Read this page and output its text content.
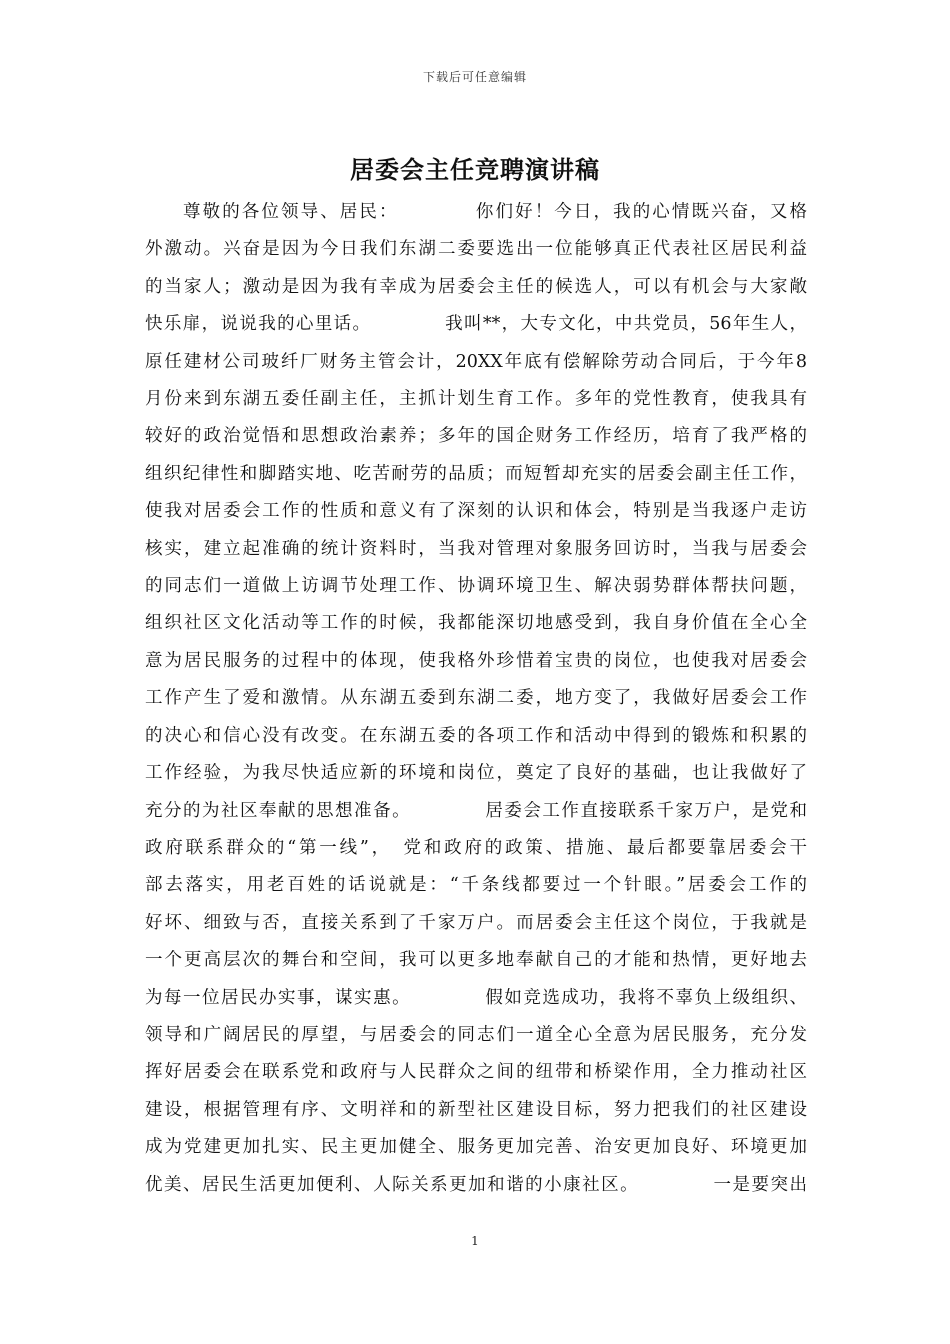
下载后可任意编辑
居委会主任竞聘演讲稿
尊敬的各位领导、居民：　　　　 你们好！今日，我的心情既兴奋，又格
外激动。兴奋是因为今日我们东湖二委要选出一位能够真正代表社区居民利益
的当家人；激动是因为我有幸成为居委会主任的候选人，可以有机会与大家敞
快乐扉，说说我的心里话。　　　　 我叫**，大专文化，中共党员，56年生人，
原任建材公司玻纤厂财务主管会计，20XX年底有偿解除劳动合同后，于今年8
月份来到东湖五委任副主任，主抓计划生育工作。多年的党性教育，使我具有
较好的政治觉悟和思想政治素养；多年的国企财务工作经历，培育了我严格的
组织纪律性和脚踏实地、吃苦耐劳的品质；而短暂却充实的居委会副主任工作，
使我对居委会工作的性质和意义有了深刻的认识和体会，特别是当我逐户走访
核实，建立起准确的统计资料时，当我对管理对象服务回访时，当我与居委会
的同志们一道做上访调节处理工作、协调环境卫生、解决弱势群体帮扶问题，
组织社区文化活动等工作的时候，我都能深切地感受到，我自身价值在全心全
意为居民服务的过程中的体现，使我格外珍惜着宝贵的岗位，也使我对居委会
工作产生了爱和激情。从东湖五委到东湖二委，地方变了，我做好居委会工作
的决心和信心没有改变。在东湖五委的各项工作和活动中得到的锻炼和积累的
工作经验，为我尽快适应新的环境和岗位，奠定了良好的基础，也让我做好了
充分的为社区奉献的思想准备。　　　　 居委会工作直接联系千家万户，是党和
政府联系群众的“第一线”，　党和政府的政策、措施、最后都要靠居委会干
部去落实，用老百姓的话说就是：“千条线都要过一个针眼。”居委会工作的
好坏、细致与否，直接关系到了千家万户。而居委会主任这个岗位，于我就是
一个更高层次的舞台和空间，我可以更多地奉献自己的才能和热情，更好地去
为每一位居民办实事，谋实惠。　　　　 假如竞选成功，我将不辜负上级组织、
领导和广阔居民的厚望，与居委会的同志们一道全心全意为居民服务，充分发
挥好居委会在联系党和政府与人民群众之间的纽带和桥梁作用，全力推动社区
建设，根据管理有序、文明祥和的新型社区建设目标，努力把我们的社区建设
成为党建更加扎实、民主更加健全、服务更加完善、治安更加良好、环境更加
优美、居民生活更加便利、人际关系更加和谐的小康社区。　　　　 一是要突出
1
